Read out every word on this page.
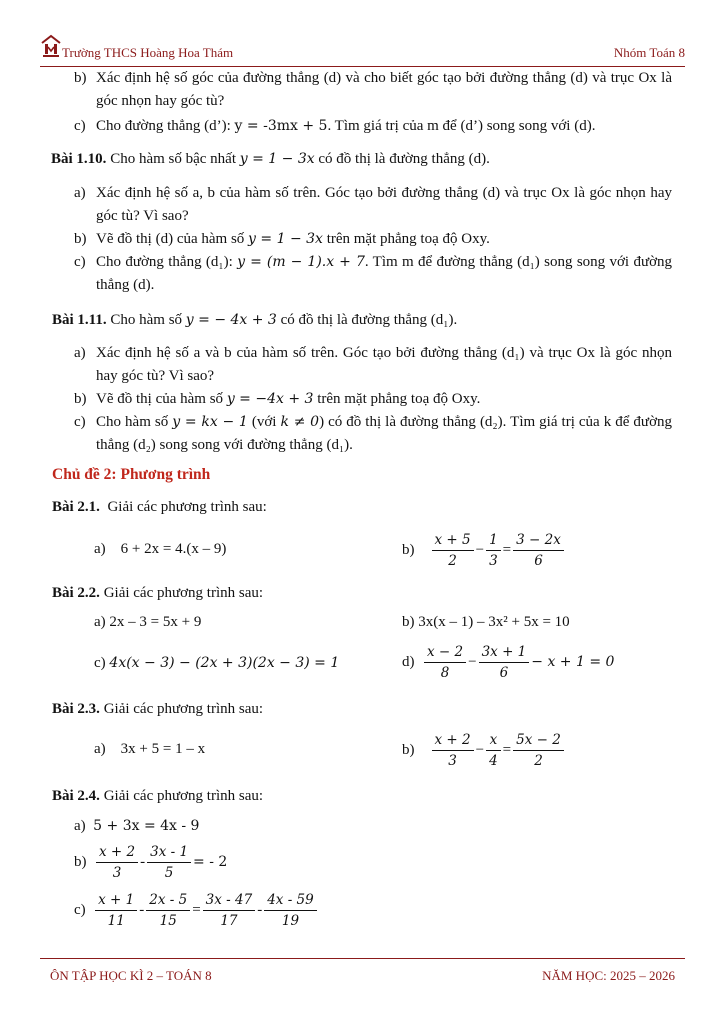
Trường THCS Hoàng Hoa Thám	Nhóm Toán 8
b) Xác định hệ số góc của đường thẳng (d) và cho biết góc tạo bởi đường thẳng (d) và trục Ox là góc nhọn hay góc tù?
c) Cho đường thẳng (d’): y = -3mx + 5. Tìm giá trị của m để (d’) song song với (d).
Bài 1.10. Cho hàm số bậc nhất y = 1 − 3x có đồ thị là đường thẳng (d).
a) Xác định hệ số a, b của hàm số trên. Góc tạo bởi đường thẳng (d) và trục Ox là góc nhọn hay góc tù? Vì sao?
b) Vẽ đồ thị (d) của hàm số y = 1 − 3x trên mặt phẳng toạ độ Oxy.
c) Cho đường thẳng (d₁): y = (m − 1).x + 7. Tìm m để đường thẳng (d₁) song song với đường thẳng (d).
Bài 1.11. Cho hàm số y = − 4x + 3 có đồ thị là đường thẳng (d₁).
a) Xác định hệ số a và b của hàm số trên. Góc tạo bởi đường thẳng (d₁) và trục Ox là góc nhọn hay góc tù? Vì sao?
b) Vẽ đồ thị của hàm số y = −4x + 3 trên mặt phẳng toạ độ Oxy.
c) Cho hàm số y = kx − 1 (với k ≠ 0) có đồ thị là đường thẳng (d₂). Tìm giá trị của k để đường thẳng (d₂) song song với đường thẳng (d₁).
Chủ đề 2: Phương trình
Bài 2.1. Giải các phương trình sau:
a) 6 + 2x = 4.(x – 9)	$b) \frac{x + 5}{2} - \frac{1}{3} = \frac{3 - 2x}{6}$
Bài 2.2. Giải các phương trình sau:
a) 2x – 3 = 5x + 9	b) 3x(x – 1) – 3x² + 5x = 10
c) 4x(x − 3) − (2x + 3)(2x − 3) = 1	$d) \frac{x - 2}{8} - \frac{3x + 1}{6} - x + 1 = 0$
Bài 2.3. Giải các phương trình sau:
a) 3x + 5 = 1 – x	$b) \frac{x + 2}{3} - \frac{x}{4} = \frac{5x - 2}{2}$
Bài 2.4. Giải các phương trình sau:
a) 5 + 3x = 4x - 9
$b) \frac{x + 2}{3} - \frac{3x - 1}{5}$ = - 2
$c) \frac{x + 1}{11} - \frac{2x - 5}{15} = \frac{3x - 47}{17} - \frac{4x - 59}{19}$
ÔN TẬP HỌC KÌ 2 – TOÁN 8	NĂM HỌC: 2025 – 2026
